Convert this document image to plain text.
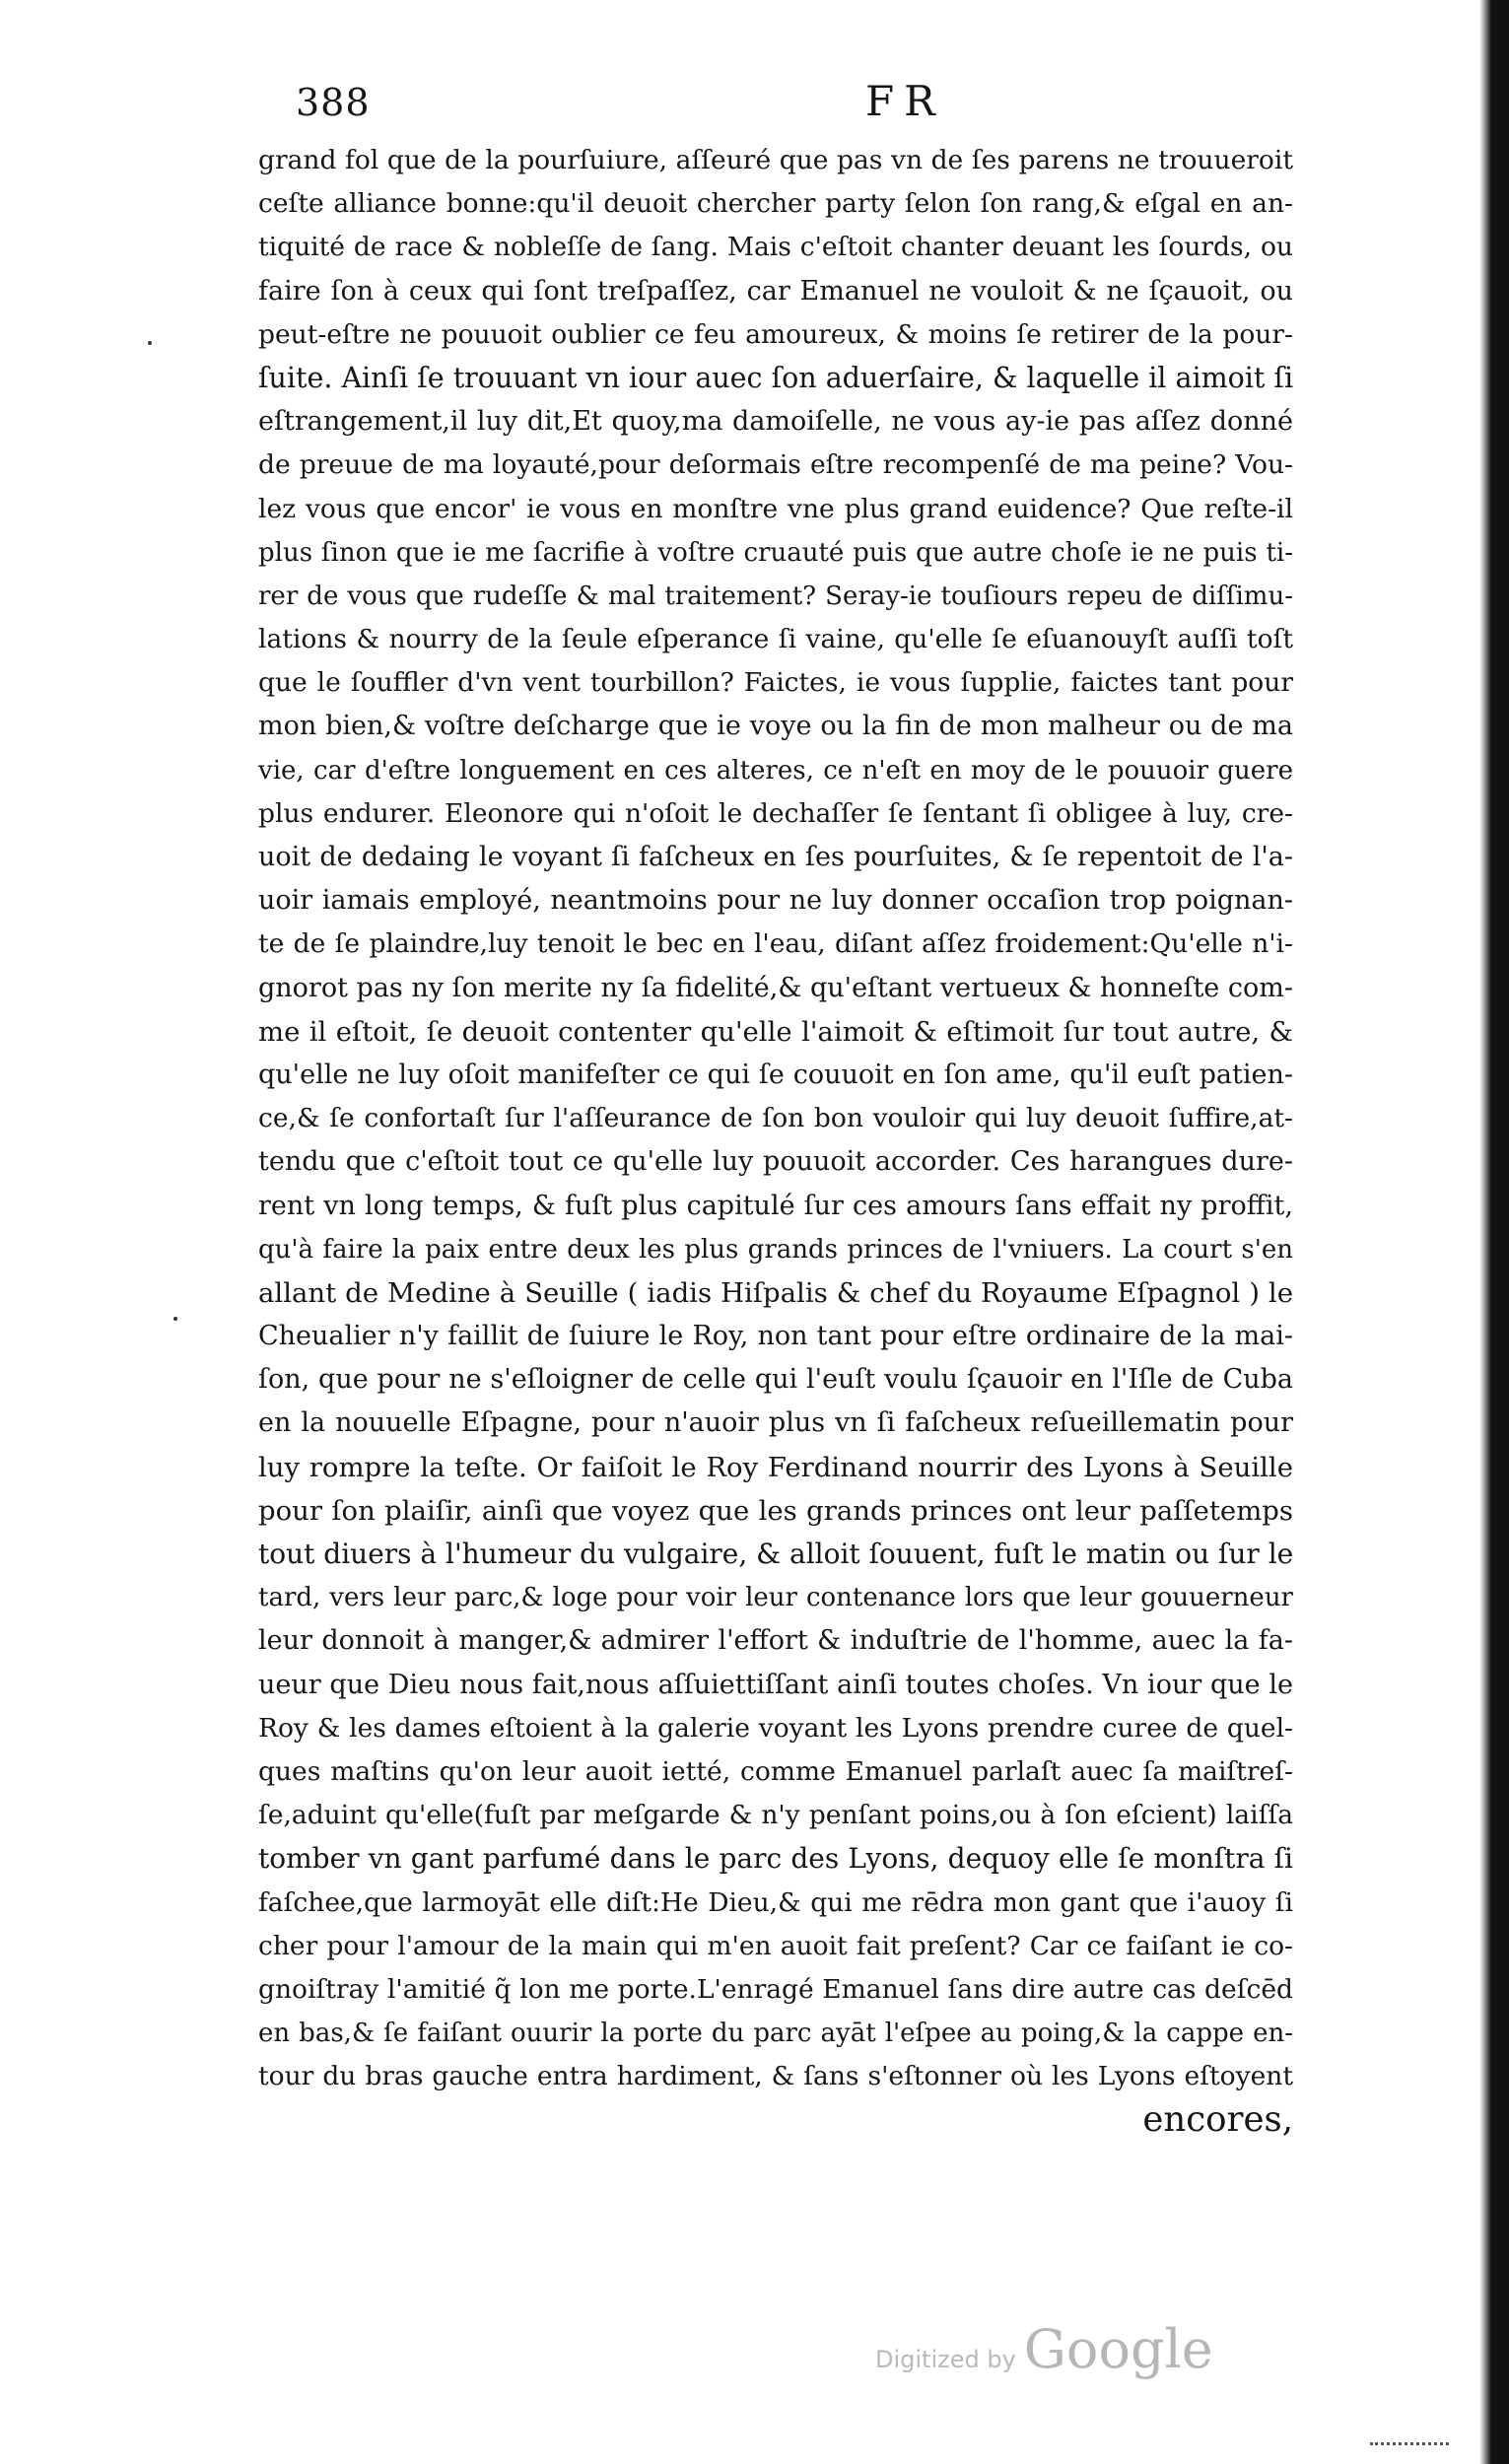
388	FR
grand fol que de la pourſuiure, aſſeuré que pas vn de ſes parens ne trouueroit
ceſte alliance bonne:qu'il deuoit chercher party ſelon ſon rang,& eſgal en an-
tiquité de race & nobleſſe de ſang. Mais c'eſtoit chanter deuant les ſourds, ou
faire ſon à ceux qui ſont treſpaſſez, car Emanuel ne vouloit & ne ſçauoit, ou
peut-eſtre ne pouuoit oublier ce feu amoureux, & moins ſe retirer de la pour-
ſuite. Ainſi ſe trouuant vn iour auec ſon aduerſaire, & laquelle il aimoit ſi
eſtrangement,il luy dit,Et quoy,ma damoiſelle, ne vous ay-ie pas aſſez donné
de preuue de ma loyauté,pour deſormais eſtre recompenſé de ma peine? Vou-
lez vous que encor' ie vous en monſtre vne plus grand euidence? Que reſte-il
plus ſinon que ie me ſacrifie à voſtre cruauté puis que autre choſe ie ne puis ti-
rer de vous que rudeſſe & mal traitement? Seray-ie touſiours repeu de diſſimu-
lations & nourry de la ſeule eſperance ſi vaine, qu'elle ſe eſuanouyſt auſſi toſt
que le ſouffler d'vn vent tourbillon? Faictes, ie vous ſupplie, faictes tant pour
mon bien,& voſtre deſcharge que ie voye ou la fin de mon malheur ou de ma
vie, car d'eſtre longuement en ces alteres, ce n'eſt en moy de le pouuoir guere
plus endurer. Eleonore qui n'oſoit le dechaſſer ſe ſentant ſi obligee à luy, cre-
uoit de dedaing le voyant ſi faſcheux en ſes pourſuites, & ſe repentoit de l'a-
uoir iamais employé, neantmoins pour ne luy donner occaſion trop poignan-
te de ſe plaindre,luy tenoit le bec en l'eau, diſant aſſez froidement:Qu'elle n'i-
gnorot pas ny ſon merite ny ſa fidelité,& qu'eſtant vertueux & honneſte com-
me il eſtoit, ſe deuoit contenter qu'elle l'aimoit & eſtimoit ſur tout autre, &
qu'elle ne luy oſoit manifeſter ce qui ſe couuoit en ſon ame, qu'il euſt patien-
ce,& ſe confortaſt ſur l'aſſeurance de ſon bon vouloir qui luy deuoit ſuffire,at-
tendu que c'eſtoit tout ce qu'elle luy pouuoit accorder. Ces harangues dure-
rent vn long temps, & fuſt plus capitulé ſur ces amours ſans effait ny proffit,
qu'à faire la paix entre deux les plus grands princes de l'vniuers. La court s'en
allant de Medine à Seuille ( iadis Hiſpalis & chef du Royaume Eſpagnol ) le
Cheualier n'y faillit de ſuiure le Roy, non tant pour eſtre ordinaire de la mai-
ſon, que pour ne s'eſloigner de celle qui l'euſt voulu ſçauoir en l'Iſle de Cuba
en la nouuelle Eſpagne, pour n'auoir plus vn ſi faſcheux reſueillematin pour
luy rompre la teſte. Or faiſoit le Roy Ferdinand nourrir des Lyons à Seuille
pour ſon plaiſir, ainſi que voyez que les grands princes ont leur paſſetemps
tout diuers à l'humeur du vulgaire, & alloit ſouuent, fuſt le matin ou ſur le
tard, vers leur parc,& loge pour voir leur contenance lors que leur gouuerneur
leur donnoit à manger,& admirer l'effort & induſtrie de l'homme, auec la fa-
ueur que Dieu nous fait,nous aſſuiettiſſant ainſi toutes choſes. Vn iour que le
Roy & les dames eſtoient à la galerie voyant les Lyons prendre curee de quel-
ques maſtins qu'on leur auoit ietté, comme Emanuel parlaſt auec ſa maiſtreſ-
ſe,aduint qu'elle(fuſt par meſgarde & n'y penſant poins,ou à ſon eſcient) laiſſa
tomber vn gant parfumé dans le parc des Lyons, dequoy elle ſe monſtra ſi
faſchee,que larmoyāt elle diſt:He Dieu,& qui me rēdra mon gant que i'auoy ſi
cher pour l'amour de la main qui m'en auoit fait preſent? Car ce faiſant ie co-
gnoiſtray l'amitié q̃ lon me porte.L'enragé Emanuel ſans dire autre cas deſcēd
en bas,& ſe faiſant ouurir la porte du parc ayāt l'eſpee au poing,& la cappe en-
tour du bras gauche entra hardiment, & ſans s'eſtonner où les Lyons eſtoyent
encores,
Digitized by Google
